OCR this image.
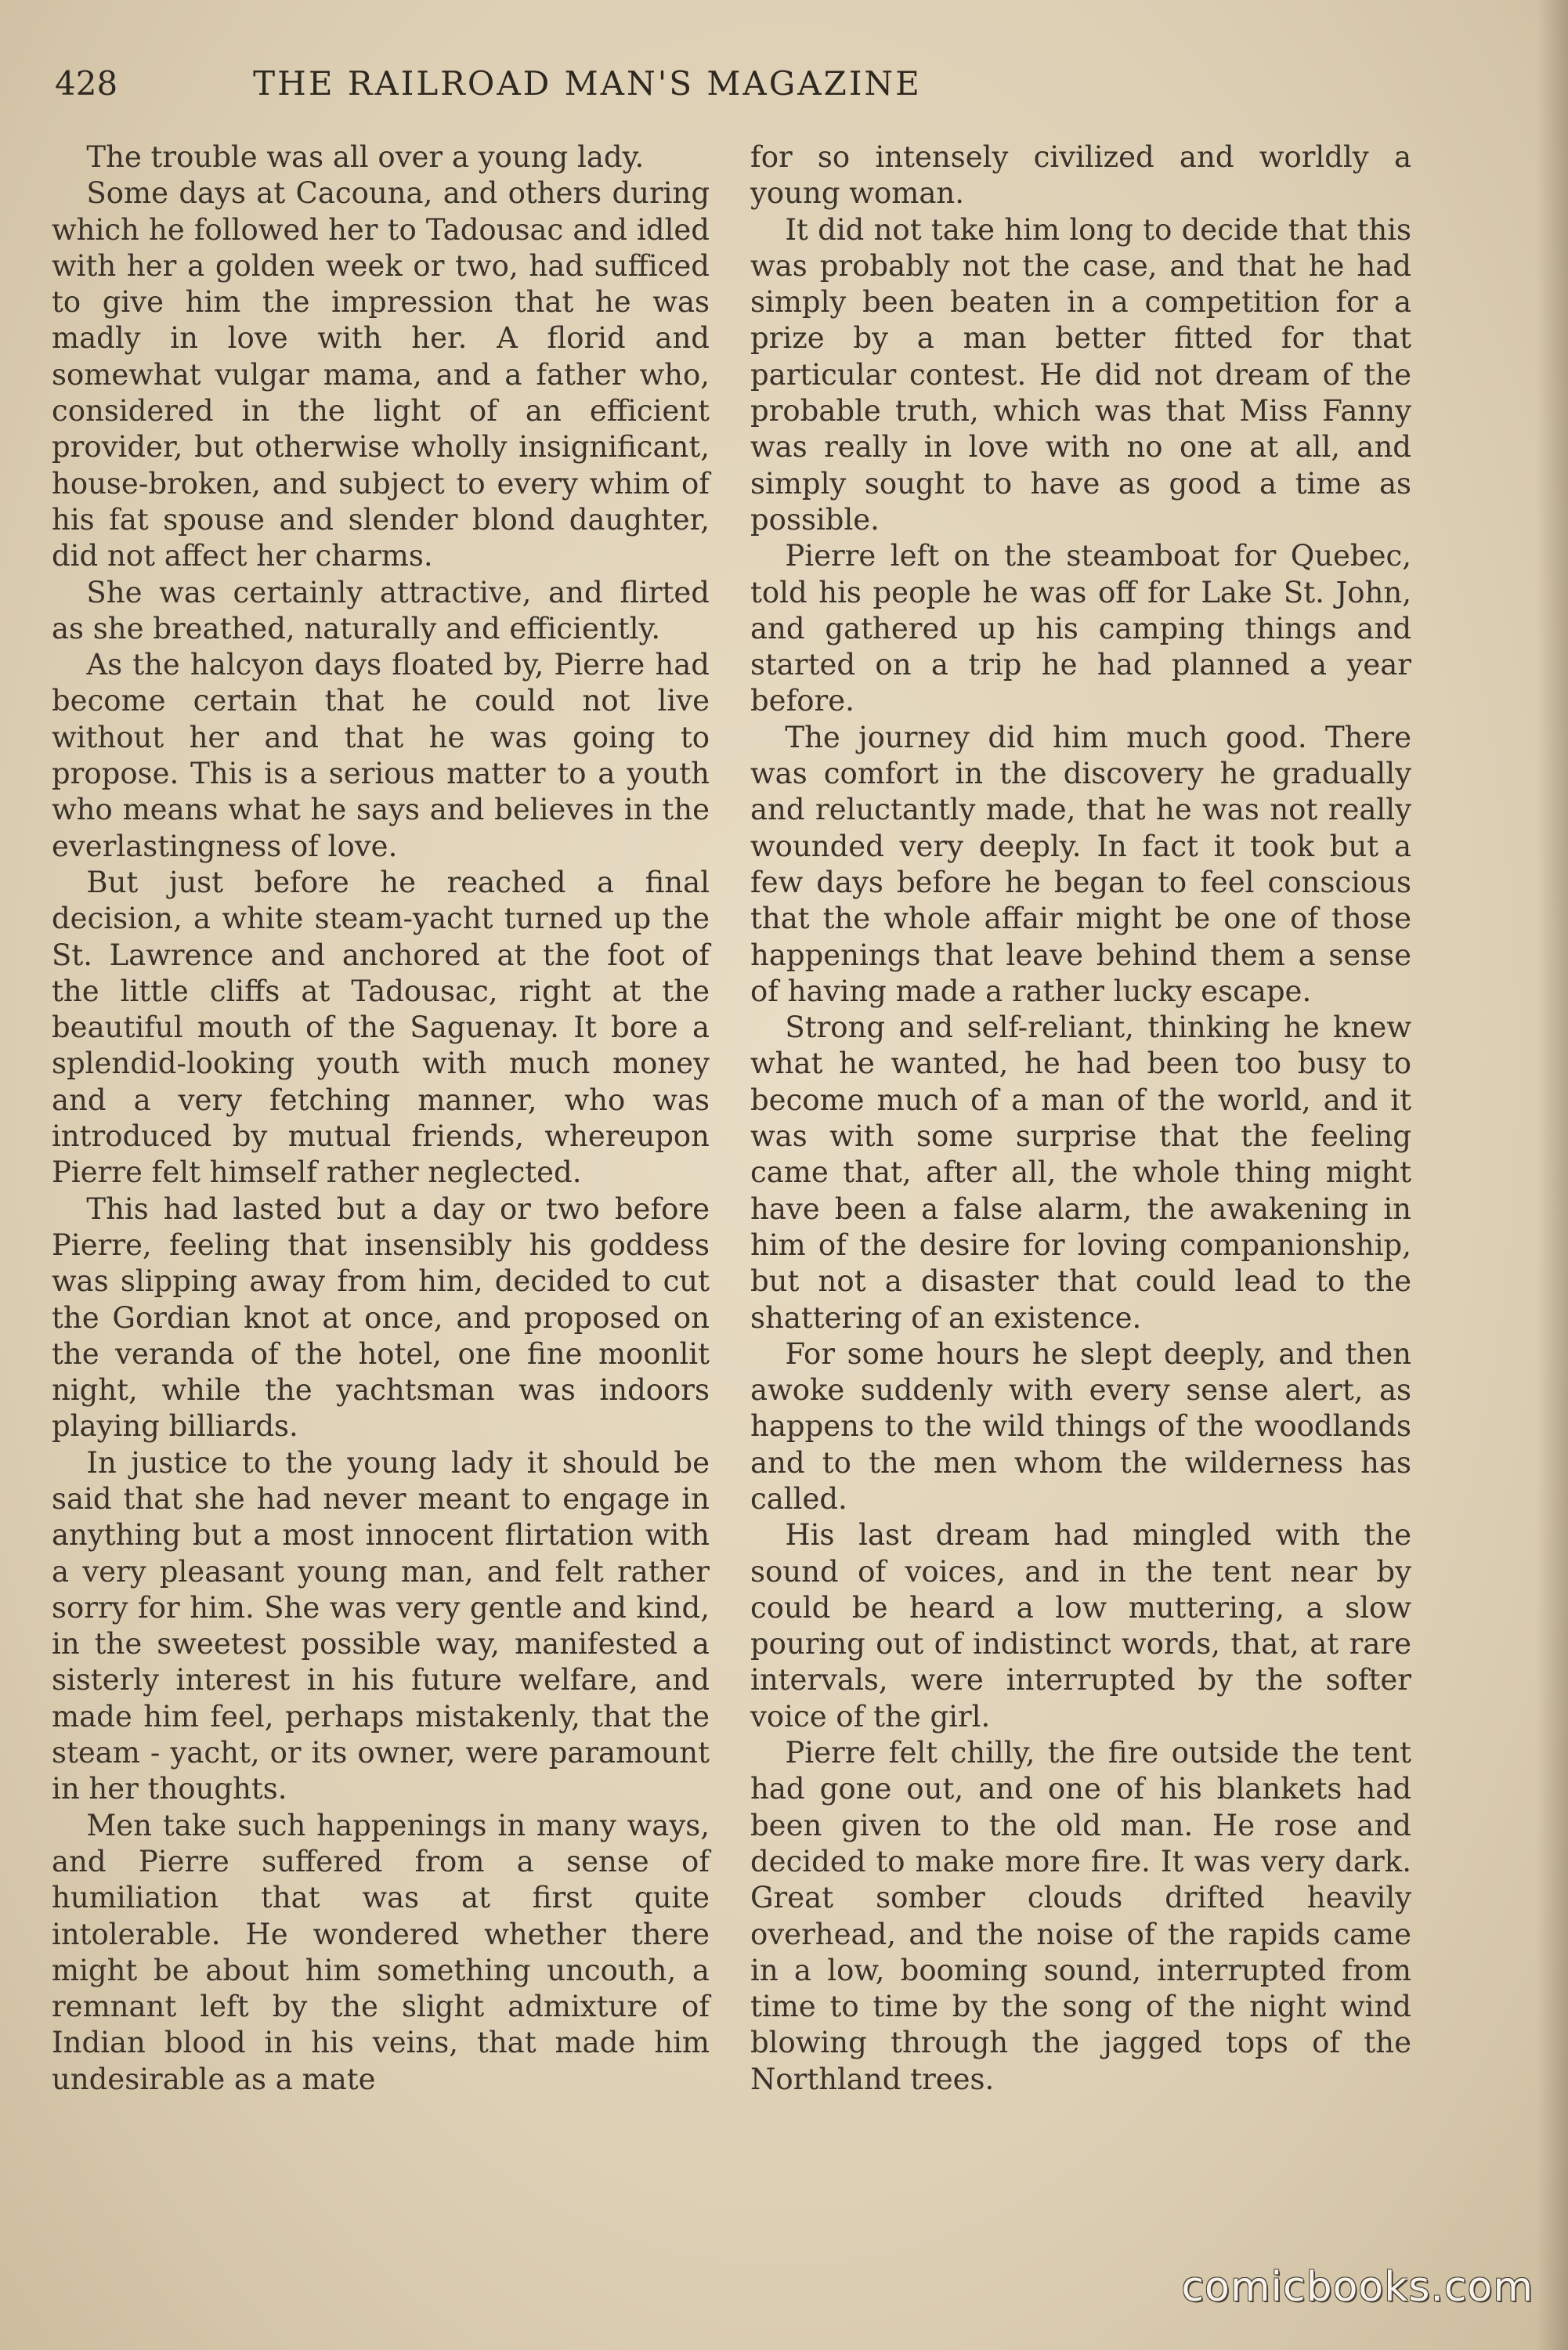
428	THE RAILROAD MAN'S MAGAZINE

The trouble was all over a young lady.

Some days at Cacouna, and others during which he followed her to Tadousac and idled with her a golden week or two, had sufficed to give him the impression that he was madly in love with her. A florid and somewhat vulgar mama, and a father who, considered in the light of an efficient provider, but otherwise wholly insignificant, house-broken, and subject to every whim of his fat spouse and slender blond daughter, did not affect her charms.

She was certainly attractive, and flirted as she breathed, naturally and efficiently.

As the halcyon days floated by, Pierre had become certain that he could not live without her and that he was going to propose. This is a serious matter to a youth who means what he says and believes in the everlastingness of love.

But just before he reached a final decision, a white steam-yacht turned up the St. Lawrence and anchored at the foot of the little cliffs at Tadousac, right at the beautiful mouth of the Saguenay. It bore a splendid-looking youth with much money and a very fetching manner, who was introduced by mutual friends, whereupon Pierre felt himself rather neglected.

This had lasted but a day or two before Pierre, feeling that insensibly his goddess was slipping away from him, decided to cut the Gordian knot at once, and proposed on the veranda of the hotel, one fine moonlit night, while the yachtsman was indoors playing billiards.

In justice to the young lady it should be said that she had never meant to engage in anything but a most innocent flirtation with a very pleasant young man, and felt rather sorry for him. She was very gentle and kind, in the sweetest possible way, manifested a sisterly interest in his future welfare, and made him feel, perhaps mistakenly, that the steam - yacht, or its owner, were paramount in her thoughts.

Men take such happenings in many ways, and Pierre suffered from a sense of humiliation that was at first quite intolerable. He wondered whether there might be about him something uncouth, a remnant left by the slight admixture of Indian blood in his veins, that made him undesirable as a mate

for so intensely civilized and worldly a young woman.

It did not take him long to decide that this was probably not the case, and that he had simply been beaten in a competition for a prize by a man better fitted for that particular contest. He did not dream of the probable truth, which was that Miss Fanny was really in love with no one at all, and simply sought to have as good a time as possible.

Pierre left on the steamboat for Quebec, told his people he was off for Lake St. John, and gathered up his camping things and started on a trip he had planned a year before.

The journey did him much good. There was comfort in the discovery he gradually and reluctantly made, that he was not really wounded very deeply. In fact it took but a few days before he began to feel conscious that the whole affair might be one of those happenings that leave behind them a sense of having made a rather lucky escape.

Strong and self-reliant, thinking he knew what he wanted, he had been too busy to become much of a man of the world, and it was with some surprise that the feeling came that, after all, the whole thing might have been a false alarm, the awakening in him of the desire for loving companionship, but not a disaster that could lead to the shattering of an existence.

For some hours he slept deeply, and then awoke suddenly with every sense alert, as happens to the wild things of the woodlands and to the men whom the wilderness has called.

His last dream had mingled with the sound of voices, and in the tent near by could be heard a low muttering, a slow pouring out of indistinct words, that, at rare intervals, were interrupted by the softer voice of the girl.

Pierre felt chilly, the fire outside the tent had gone out, and one of his blankets had been given to the old man. He rose and decided to make more fire. It was very dark. Great somber clouds drifted heavily overhead, and the noise of the rapids came in a low, booming sound, interrupted from time to time by the song of the night wind blowing through the jagged tops of the Northland trees.

comicbooks.com
